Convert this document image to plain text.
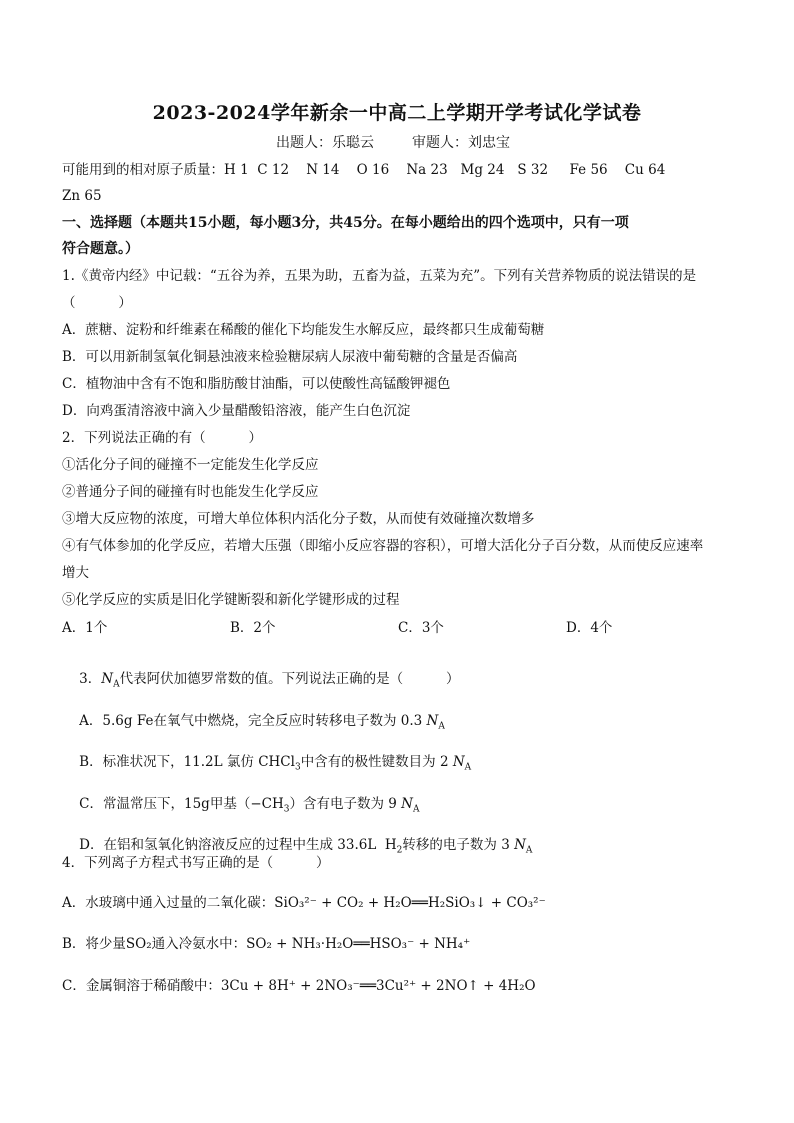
2023-2024学年新余一中高二上学期开学考试化学试卷
出题人：乐聪云	审题人：刘忠宝
可能用到的相对原子质量：H 1  C 12    N 14    O 16    Na 23   Mg 24   S 32     Fe 56    Cu 64
Zn 65
一、选择题（本题共15小题，每小题3分，共45分。在每小题给出的四个选项中，只有一项
符合题意。）
1.《黄帝内经》中记载：“五谷为养，五果为助，五畜为益，五菜为充”。下列有关营养物质的说法错误的是
（          ）
A．蔗糖、淀粉和纤维素在稀酸的催化下均能发生水解反应，最终都只生成葡萄糖
B．可以用新制氢氧化铜悬浊液来检验糖尿病人尿液中葡萄糖的含量是否偏高
C．植物油中含有不饱和脂肪酸甘油酯，可以使酸性高锰酸钾褪色
D．向鸡蛋清溶液中滴入少量醋酸铅溶液，能产生白色沉淀
2．下列说法正确的有（          ）
①活化分子间的碰撞不一定能发生化学反应
②普通分子间的碰撞有时也能发生化学反应
③增大反应物的浓度，可增大单位体积内活化分子数，从而使有效碰撞次数增多
④有气体参加的化学反应，若增大压强（即缩小反应容器的容积），可增大活化分子百分数，从而使反应速率
增大
⑤化学反应的实质是旧化学键断裂和新化学键形成的过程
A．1个	B．2个	C．3个	D．4个

3．$N_A$代表阿伏加德罗常数的值。下列说法正确的是（          ）

A．5.6g Fe在氧气中燃烧，完全反应时转移电子数为 0.3 $N_A$

B．标准状况下，11.2L 氯仿 CHCl$_3$中含有的极性键数目为 2 $N_A$

C．常温常压下，15g甲基$(-CH_3)$含有电子数为 9 $N_A$

D．在铝和氢氧化钠溶液反应的过程中生成 33.6L  $H_2$转移的电子数为 3 $N_A$

4．下列离子方程式书写正确的是（          ）
A．水玻璃中通入过量的二氧化碳：SiO₃²⁻ + CO₂ + H₂O══H₂SiO₃↓ + CO₃²⁻
B．将少量SO₂通入冷氨水中：SO₂ + NH₃·H₂O══HSO₃⁻ + NH₄⁺
C．金属铜溶于稀硝酸中：3Cu + 8H⁺ + 2NO₃⁻══3Cu²⁺ + 2NO↑ + 4H₂O
